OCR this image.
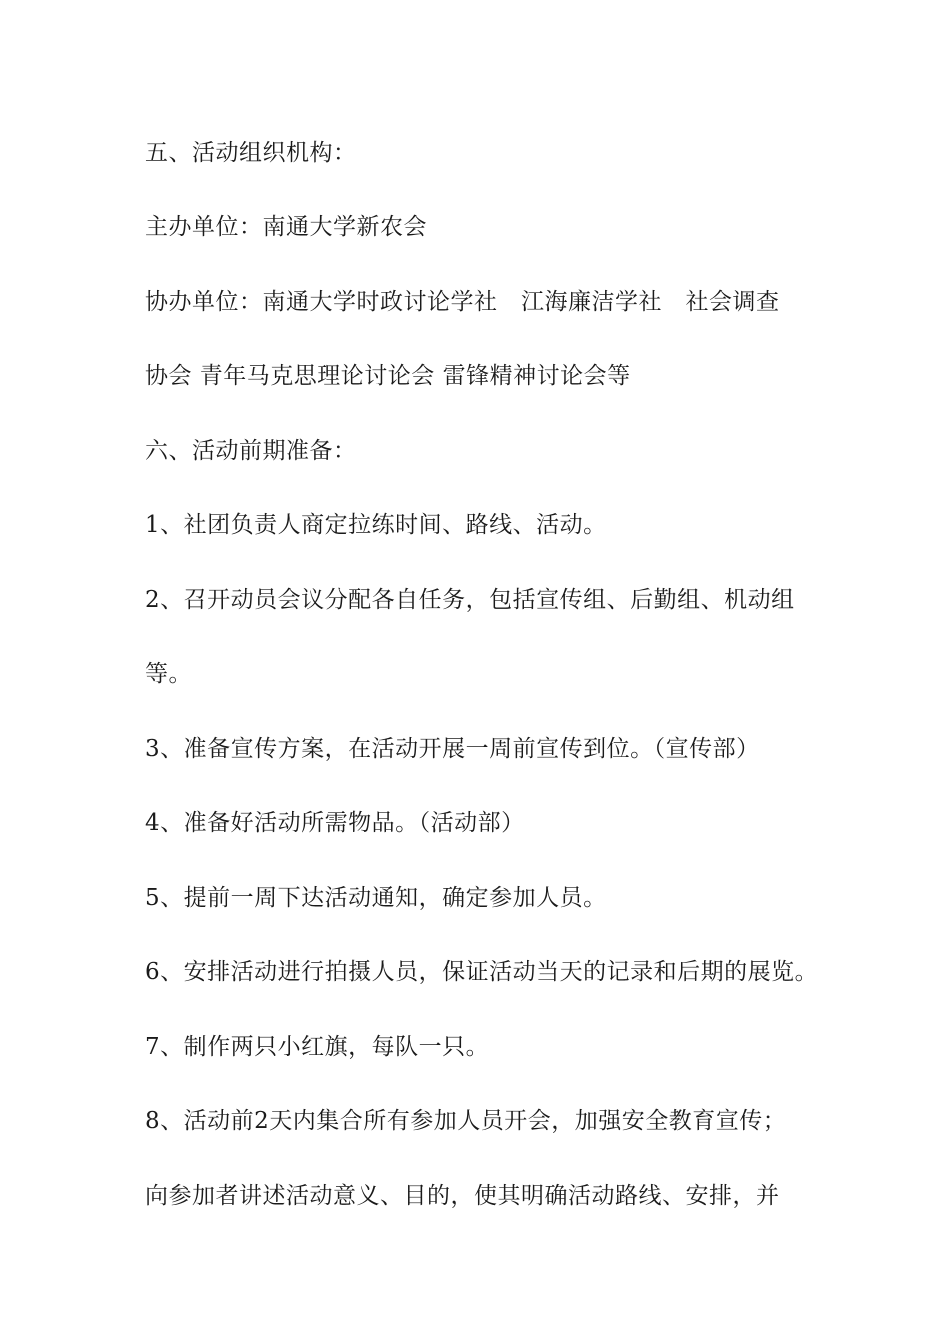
五、活动组织机构：

主办单位：南通大学新农会

协办单位：南通大学时政讨论学社　江海廉洁学社　社会调查

协会 青年马克思理论讨论会 雷锋精神讨论会等

六、活动前期准备：

1、社团负责人商定拉练时间、路线、活动。

2、召开动员会议分配各自任务，包括宣传组、后勤组、机动组

等。

3、准备宣传方案，在活动开展一周前宣传到位。（宣传部）

4、准备好活动所需物品。（活动部）

5、提前一周下达活动通知，确定参加人员。

6、安排活动进行拍摄人员，保证活动当天的记录和后期的展览。

7、制作两只小红旗，每队一只。

8、活动前2天内集合所有参加人员开会，加强安全教育宣传；

向参加者讲述活动意义、目的，使其明确活动路线、安排，并
